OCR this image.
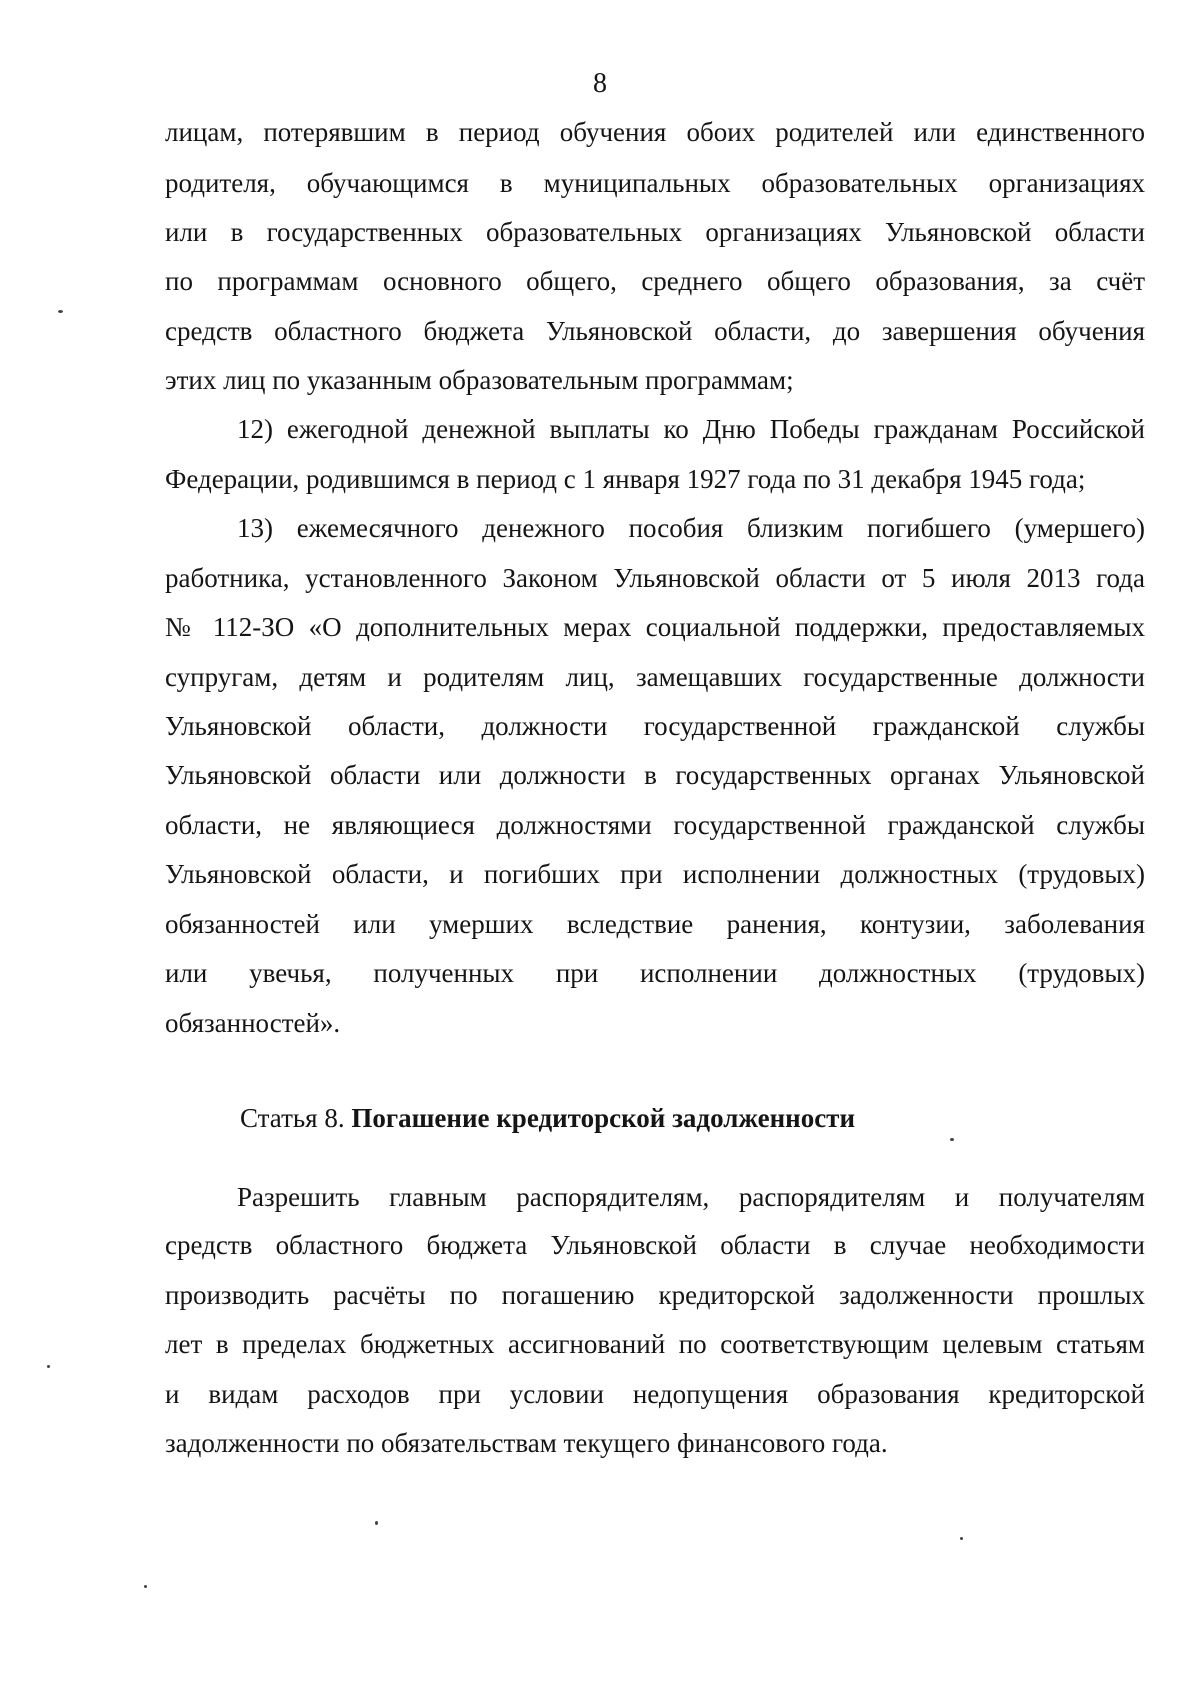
8
лицам, потерявшим в период обучения обоих родителей или единственного
родителя, обучающимся в муниципальных образовательных организациях
или в государственных образовательных организациях Ульяновской области
по программам основного общего, среднего общего образования, за счёт
средств областного бюджета Ульяновской области, до завершения обучения
этих лиц по указанным образовательным программам;
12) ежегодной денежной выплаты ко Дню Победы гражданам Российской
Федерации, родившимся в период с 1 января 1927 года по 31 декабря 1945 года;
13) ежемесячного денежного пособия близким погибшего (умершего)
работника, установленного Законом Ульяновской области от 5 июля 2013 года
№ 112-ЗО «О дополнительных мерах социальной поддержки, предоставляемых
супругам, детям и родителям лиц, замещавших государственные должности
Ульяновской области, должности государственной гражданской службы
Ульяновской области или должности в государственных органах Ульяновской
области, не являющиеся должностями государственной гражданской службы
Ульяновской области, и погибших при исполнении должностных (трудовых)
обязанностей или умерших вследствие ранения, контузии, заболевания
или увечья, полученных при исполнении должностных (трудовых)
обязанностей».
Статья 8. Погашение кредиторской задолженности
Разрешить главным распорядителям, распорядителям и получателям
средств областного бюджета Ульяновской области в случае необходимости
производить расчёты по погашению кредиторской задолженности прошлых
лет в пределах бюджетных ассигнований по соответствующим целевым статьям
и видам расходов при условии недопущения образования кредиторской
задолженности по обязательствам текущего финансового года.
